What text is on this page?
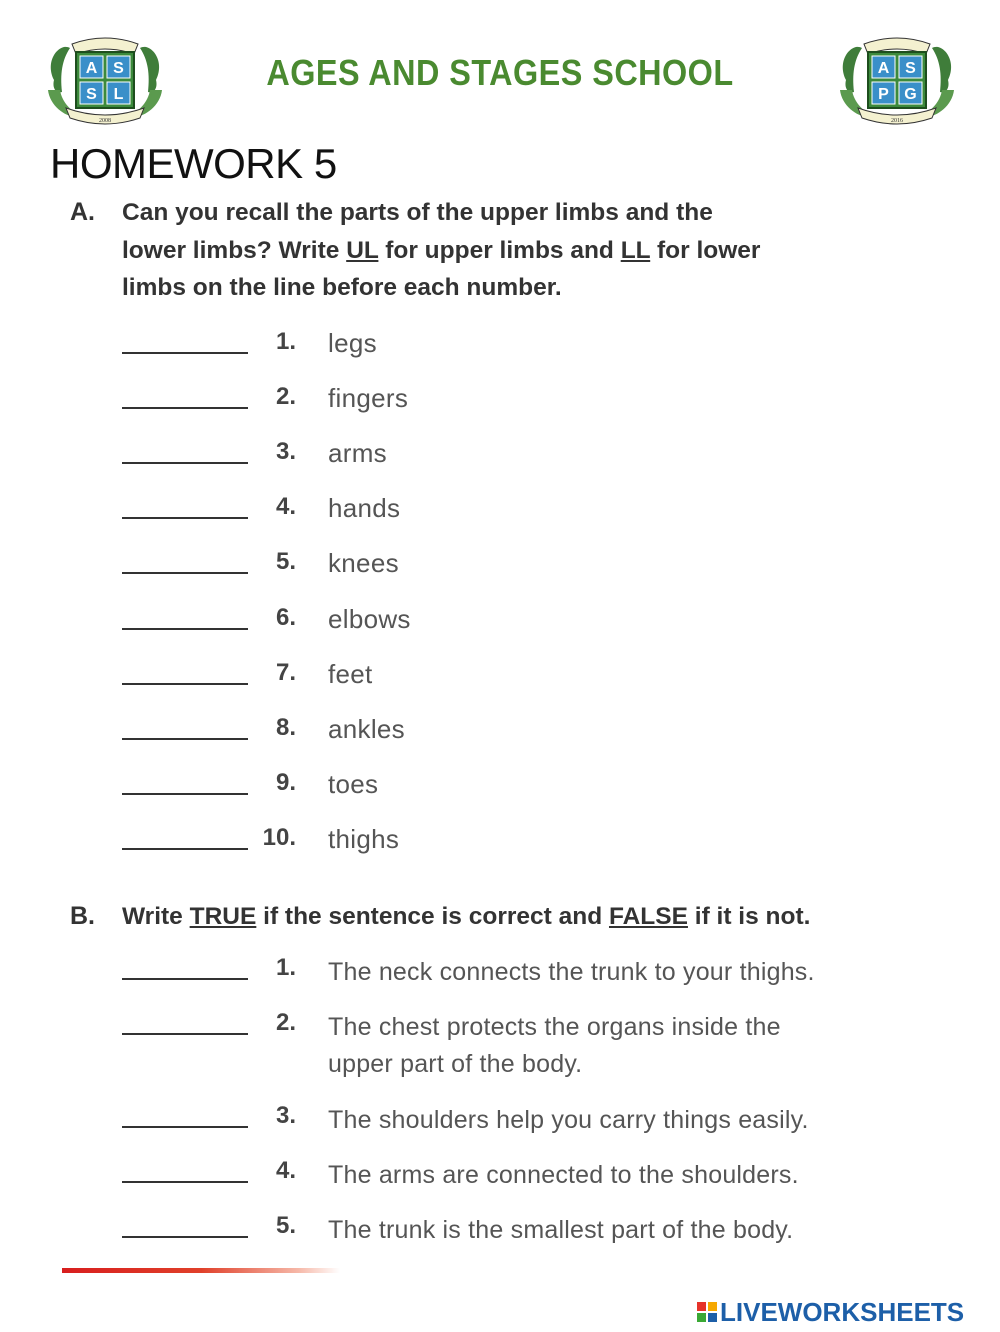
A S
S L
2008
AGES AND STAGES SCHOOL	A S
P G
2016
HOMEWORK 5
A. Can you recall the parts of the upper limbs and the
lower limbs? Write UL for upper limbs and LL for lower
limbs on the line before each number.
1. legs
2. fingers
3. arms
4. hands
5. knees
6. elbows
7. feet
8. ankles
9. toes
10. thighs
B. Write TRUE if the sentence is correct and FALSE if it is not.
1. The neck connects the trunk to your thighs.
2. The chest protects the organs inside the
upper part of the body.
3. The shoulders help you carry things easily.
4. The arms are connected to the shoulders.
5. The trunk is the smallest part of the body.
LIVEWORKSHEETS
